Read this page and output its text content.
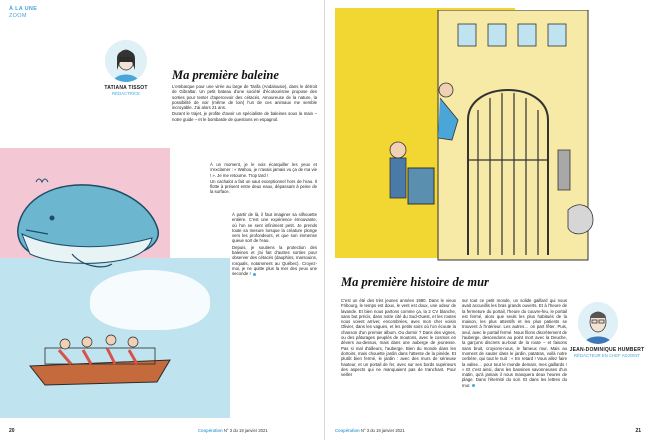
À LA UNE
ZOOM
TATIANA TISSOT
RÉDACTRICE
Ma première baleine

L'embarque pour une virée au large de Tarifa (Andalousie), dans le détroit de Gibraltar. Un petit bateau d'une société d'écotourisme propose des sorties pour tenter d'apercevoir des cétacés. Amoureuse de la nature, la possibilité de voir (même de loin) l'un de ces animaux me semble incroyable. J'ai alors 21 ans.

Durant le trajet, je profite d'avoir un spécialiste de baleines sous la main – notre guide – et le bombarde de questions en espagnol.

À un moment, je le vois écarquiller les yeux et s'exclamer : « Wahou, je n'avais jamais vu ça de ma vie ! ». Je me retourne. Trop tard !

Un cachalot a fait un saut exceptionnel hors de l'eau. Il flotte à présent entre deux eaux, dépassant à peine de la surface.

À partir de là, il faut imaginer sa silhouette entière. C'est une expérience émouvante, où l'on se sent infiniment petit. Je prends toute sa mesure lorsque la créature plonge vers les profondeurs, et que son immense queue sort de l'eau.

Depuis, je soutiens la protection des baleines et j'ai fait d'autres sorties pour observer des cétacés (dauphins, marsouins, rorquals, notamment au Québec). Croyez-moi, je ne quitte plus la mer des yeux une seconde !

20	Coopération N° 3 du 19 janvier 2021	21
Coopération N° 3 du 19 janvier 2021
Ma première histoire de mur

C'est un été des très jeunes années 1980. Dans le vieux Fribourg, le temps est doux, le vent est doux, une odeur de lavande. Et bien nous partons comme ça, la 2 CV blanche, sans but précis, dans notre cité du Sud-Ouest, et les routes nous voient arriver, encombrées, avec mon cher voisin Olivier, dans les vagues, et les petits soirs où l'on écoute la chanson d'un premier album. Ou dormir ? Dans des vignes, ou des pâturages peuplés de moutons, avec le cosmos en dévers au-dessus, mais dans une auberge de jeunesse. Pas si mal d'ailleurs, l'auberge. Bien du monde dans les dortoirs, mais chouette jardin dans l'attente de la pinède. Et plutôt bien fermé, le jardin : avec des murs de sérieuse hauteur, et un portail de fer, avec sur ses bords supérieurs des aspects qui ne manquaient pas de tranchant. Pour veiller

sur tout ce petit monde, un solide gaillard qui nous avait accueillis les bras grands ouverts. Et à l'heure de la fermeture du portail, l'heure du couvre-feu, le portail est fermé, alors que seuls les plus habitués de la maison, les plus attentifs et les plus patients se trouvent à l'intérieur. Les autres… on part fêter. Puis, seul, avec le portail fermé. Nous filons discrètement de l'auberge, descendons au point mort avec la Deuche, la garçons discrets au-bout de la route – et faisons sans bruit, croyions-nous, le fameux mur. Mais au moment de sauter dans le jardin, patatras, voilà notre cerbère, qui tout le nuit : « En retard ! Vous allez faire la valise… pour tout le monde demain, mes gaillards ! » Et c'est ainsi, dans les bassines savonneuses d'un matin, qu'à jamais il nous manquera deux heures de plage. Dans l'éternité du soir. Et dans les lettres du mur.

JEAN-DOMINIQUE HUMBERT
RÉDACTEUR EN CHEF ADJOINT
